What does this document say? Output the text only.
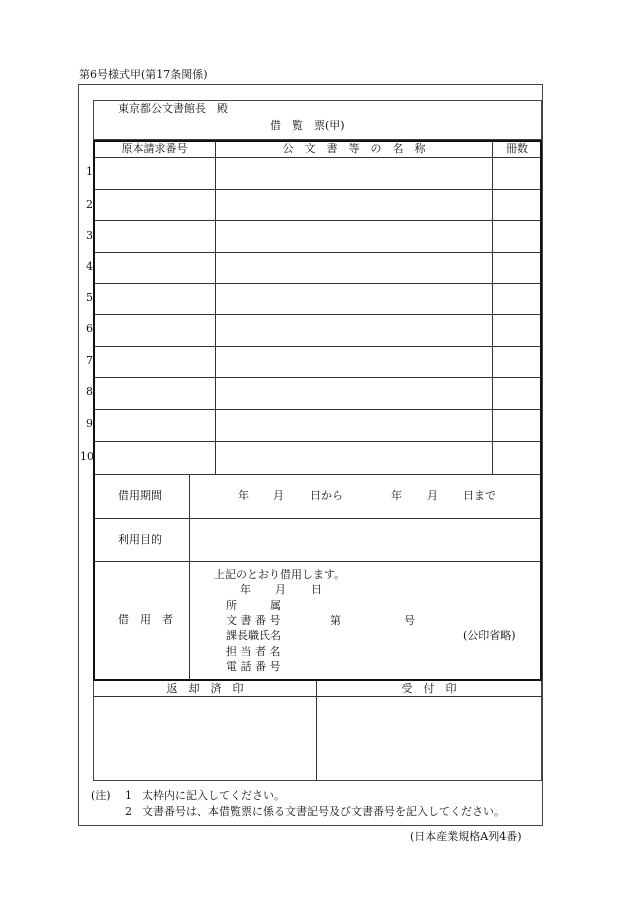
第6号様式甲(第17条関係)
東京都公文書館長　殿
借　覧　票(甲)
原本請求番号	公　文　書　等　の　名　称	冊数
1
2
3
4
5
6
7
8
9
10
借用期間	年 月 日から	年 月 日まで
利用目的
借　用　者
上記のとおり借用します。
年 月 日
所　　　属
文 書 番 号	第	号
課長職氏名	(公印省略)
担 当 者 名
電 話 番 号
返　却　済　印	受　付　印
(注) 1 太枠内に記入してください。
2 文書番号は、本借覧票に係る文書記号及び文書番号を記入してください。
(日本産業規格A列4番)
